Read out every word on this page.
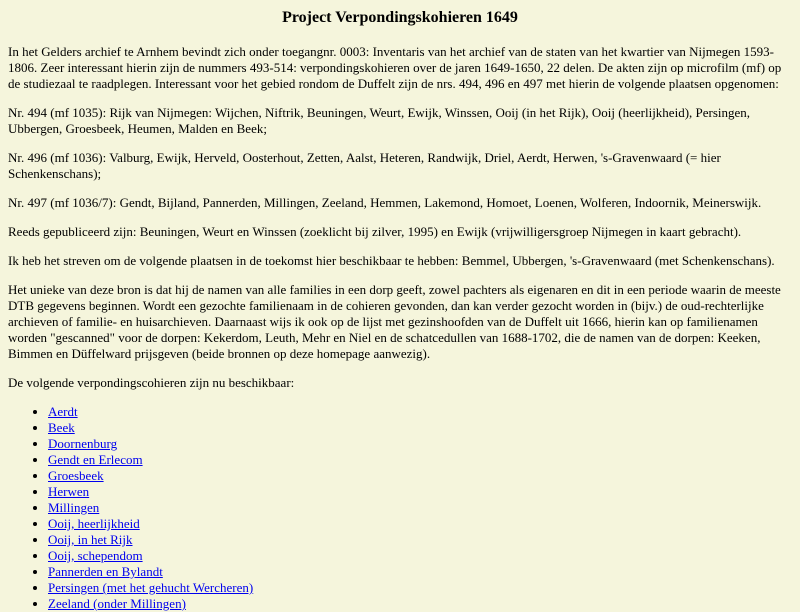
Project Verpondingskohieren 1649

In het Gelders archief te Arnhem bevindt zich onder toegangnr. 0003: Inventaris van het archief van de staten van het kwartier van Nijmegen 1593-1806. Zeer interessant hierin zijn de nummers 493-514: verpondingskohieren over de jaren 1649-1650, 22 delen. De akten zijn op microfilm (mf) op de studiezaal te raadplegen. Interessant voor het gebied rondom de Duffelt zijn de nrs. 494, 496 en 497 met hierin de volgende plaatsen opgenomen:

Nr. 494 (mf 1035): Rijk van Nijmegen: Wijchen, Niftrik, Beuningen, Weurt, Ewijk, Winssen, Ooij (in het Rijk), Ooij (heerlijkheid), Persingen, Ubbergen, Groesbeek, Heumen, Malden en Beek;

Nr. 496 (mf 1036): Valburg, Ewijk, Herveld, Oosterhout, Zetten, Aalst, Heteren, Randwijk, Driel, Aerdt, Herwen, 's-Gravenwaard (= hier Schenkenschans);

Nr. 497 (mf 1036/7): Gendt, Bijland, Pannerden, Millingen, Zeeland, Hemmen, Lakemond, Homoet, Loenen, Wolferen, Indoornik, Meinerswijk.

Reeds gepubliceerd zijn: Beuningen, Weurt en Winssen (zoeklicht bij zilver, 1995) en Ewijk (vrijwilligersgroep Nijmegen in kaart gebracht).

Ik heb het streven om de volgende plaatsen in de toekomst hier beschikbaar te hebben: Bemmel, Ubbergen, 's-Gravenwaard (met Schenkenschans).

Het unieke van deze bron is dat hij de namen van alle families in een dorp geeft, zowel pachters als eigenaren en dit in een periode waarin de meeste DTB gegevens beginnen. Wordt een gezochte familienaam in de cohieren gevonden, dan kan verder gezocht worden in (bijv.) de oud-rechterlijke archieven of familie- en huisarchieven. Daarnaast wijs ik ook op de lijst met gezinshoofden van de Duffelt uit 1666, hierin kan op familienamen worden "gescanned" voor de dorpen: Kekerdom, Leuth, Mehr en Niel en de schatcedullen van 1688-1702, die de namen van de dorpen: Keeken, Bimmen en Düffelward prijsgeven (beide bronnen op deze homepage aanwezig).

De volgende verpondingscohieren zijn nu beschikbaar:

• Aerdt
• Beek
• Doornenburg
• Gendt en Erlecom
• Groesbeek
• Herwen
• Millingen
• Ooij, heerlijkheid
• Ooij, in het Rijk
• Ooij, schependom
• Pannerden en Bylandt
• Persingen (met het gehucht Wercheren)
• Zeeland (onder Millingen)
